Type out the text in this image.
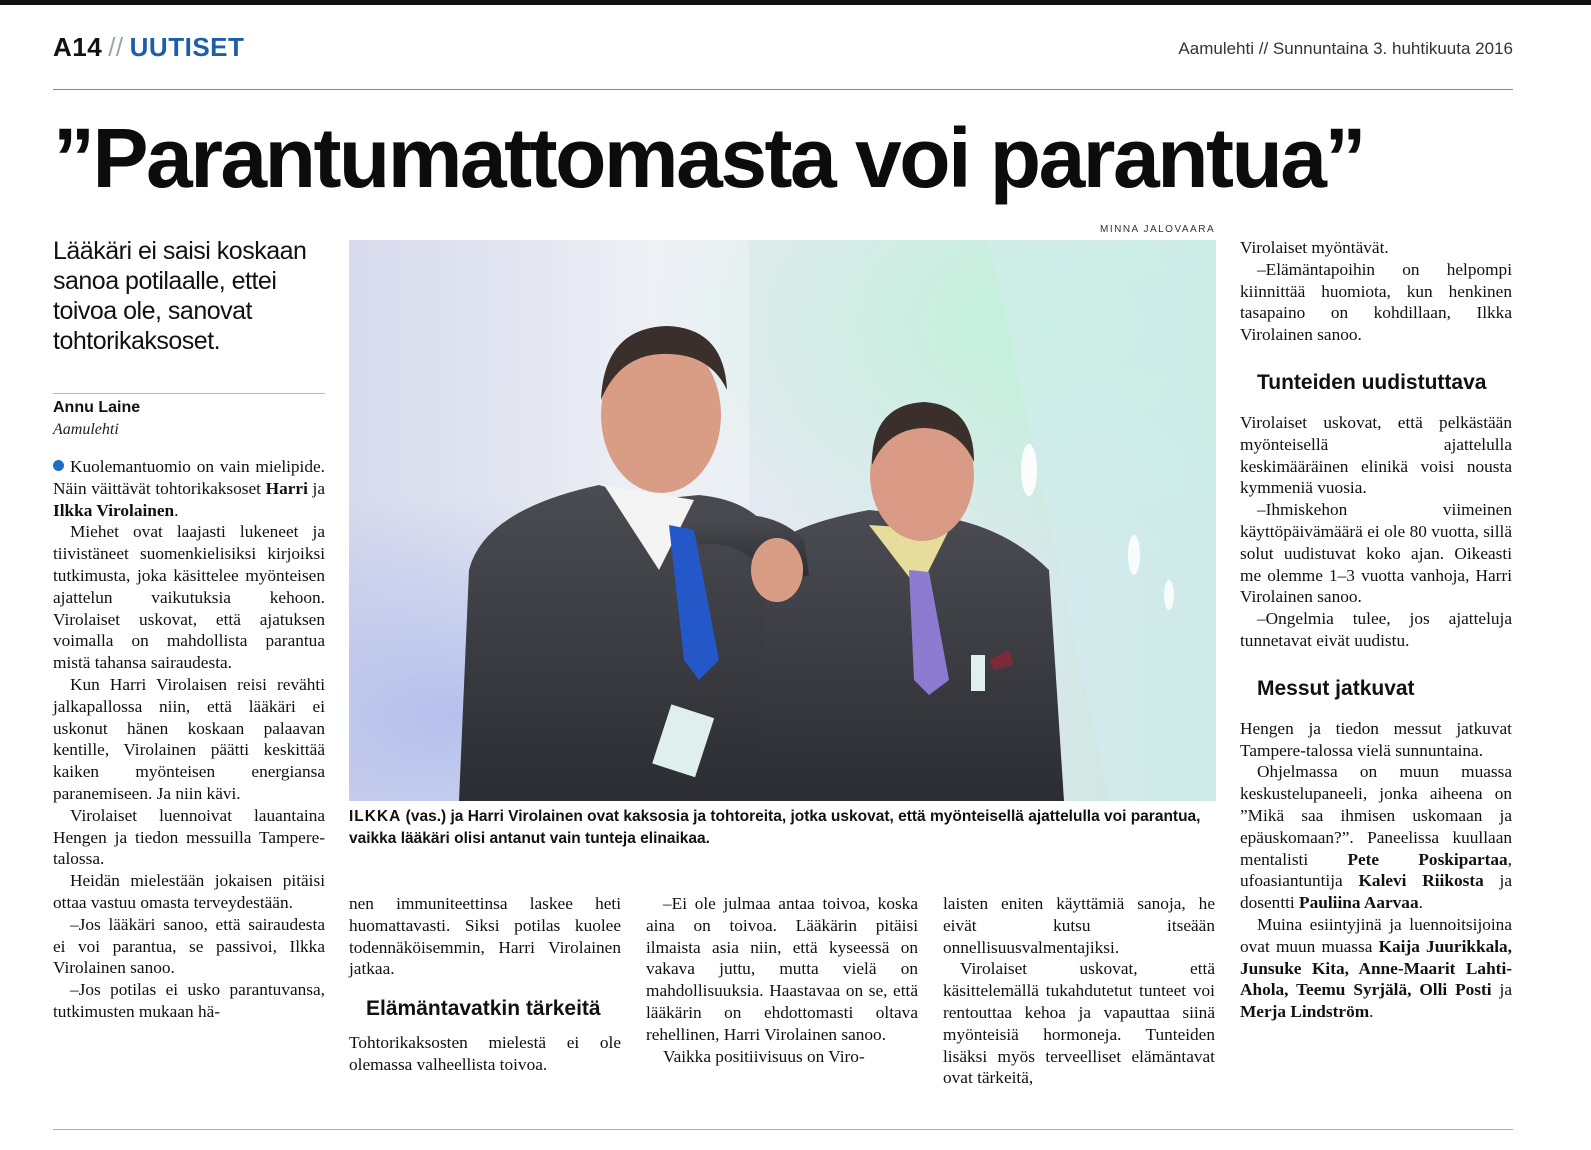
A14 // UUTISET	Aamulehti // Sunnuntaina 3. huhtikuuta 2016
”Parantumattomasta voi parantua”
Lääkäri ei saisi koskaan sanoa potilaalle, ettei toivoa ole, sanovat tohtorikaksoset.
Annu Laine
Aamulehti

Kuolemantuomio on vain mielipide. Näin väittävät tohtorikaksoset Harri ja Ilkka Virolainen.

Miehet ovat laajasti lukeneet ja tiivistäneet suomenkielisiksi kirjoiksi tutkimusta, joka käsittelee myönteisen ajattelun vaikutuksia kehoon. Virolaiset uskovat, että ajatuksen voimalla on mahdollista parantua mistä tahansa sairaudesta.

Kun Harri Virolaisen reisi revähti jalkapallossa niin, että lääkäri ei uskonut hänen koskaan palaavan kentille, Virolainen päätti keskittää kaiken myönteisen energiansa paranemiseen. Ja niin kävi.

Virolaiset luennoivat lauantaina Hengen ja tiedon messuilla Tampere-talossa.

Heidän mielestään jokaisen pitäisi ottaa vastuu omasta terveydestään.

–Jos lääkäri sanoo, että sairaudesta ei voi parantua, se passivoi, Ilkka Virolainen sanoo.

–Jos potilas ei usko parantuvansa, tutkimusten mukaan hä-

MINNA JALOVAARA
ILKKA (vas.) ja Harri Virolainen ovat kaksosia ja tohtoreita, jotka uskovat, että myönteisellä ajattelulla voi parantua, vaikka lääkäri olisi antanut vain tunteja elinaikaa.

nen immuniteettinsa laskee heti huomattavasti. Siksi potilas kuolee todennäköisemmin, Harri Virolainen jatkaa.

Elämäntavatkin tärkeitä

Tohtorikaksosten mielestä ei ole olemassa valheellista toivoa.

–Ei ole julmaa antaa toivoa, koska aina on toivoa. Lääkärin pitäisi ilmaista asia niin, että kyseessä on vakava juttu, mutta vielä on mahdollisuuksia. Haastavaa on se, että lääkärin on ehdottomasti oltava rehellinen, Harri Virolainen sanoo.

Vaikka positiivisuus on Viro-

laisten eniten käyttämiä sanoja, he eivät kutsu itseään onnellisuusvalmentajiksi.

Virolaiset uskovat, että käsittelemällä tukahdutetut tunteet voi rentouttaa kehoa ja vapauttaa siinä myönteisiä hormoneja. Tunteiden lisäksi myös terveelliset elämäntavat ovat tärkeitä,

Virolaiset myöntävät.

–Elämäntapoihin on helpompi kiinnittää huomiota, kun henkinen tasapaino on kohdillaan, Ilkka Virolainen sanoo.

Tunteiden uudistuttava

Virolaiset uskovat, että pelkästään myönteisellä ajattelulla keskimääräinen elinikä voisi nousta kymmeniä vuosia.

–Ihmiskehon viimeinen käyttöpäivämäärä ei ole 80 vuotta, sillä solut uudistuvat koko ajan. Oikeasti me olemme 1–3 vuotta vanhoja, Harri Virolainen sanoo.

–Ongelmia tulee, jos ajatteluja tunnetavat eivät uudistu.

Messut jatkuvat

Hengen ja tiedon messut jatkuvat Tampere-talossa vielä sunnuntaina.

Ohjelmassa on muun muassa keskustelupaneeli, jonka aiheena on ”Mikä saa ihmisen uskomaan ja epäuskomaan?”. Paneelissa kuullaan mentalisti Pete Poskipartaa, ufoasiantuntija Kalevi Riikosta ja dosentti Pauliina Aarvaa.

Muina esiintyjinä ja luennoitsijoina ovat muun muassa Kaija Juurikkala, Junsuke Kita, Anne-Maarit Lahti-Ahola, Teemu Syrjälä, Olli Posti ja Merja Lindström.
